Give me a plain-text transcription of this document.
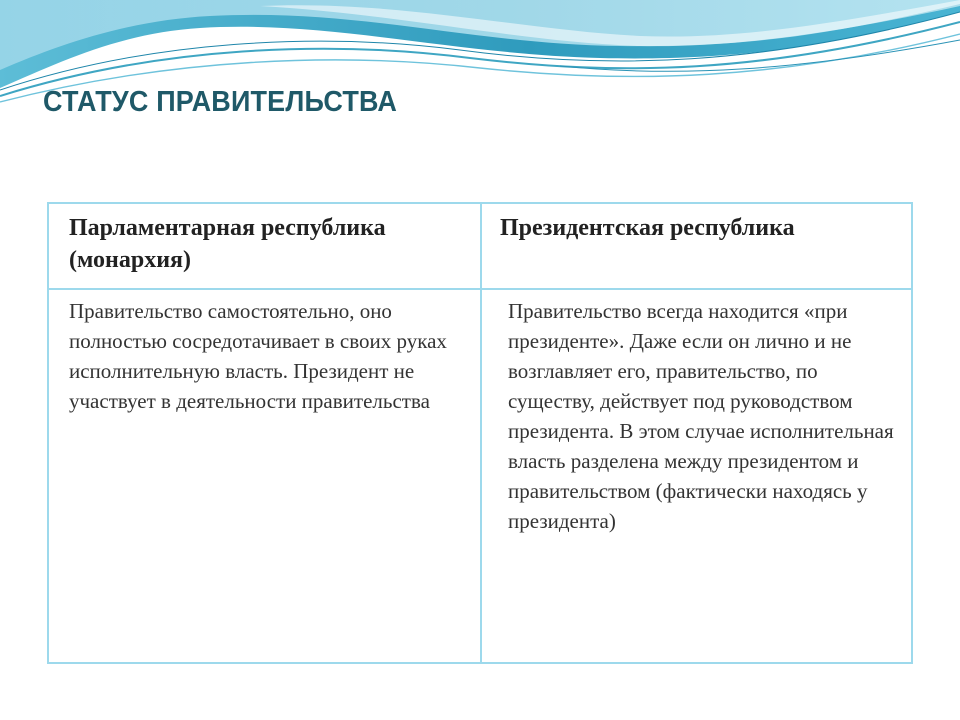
СТАТУС ПРАВИТЕЛЬСТВА
Парламентарная республика (монархия)
Президентская республика
Правительство самостоятельно, оно полностью сосредотачивает в своих руках исполнительную власть. Президент не участвует в деятельности правительства
Правительство всегда находится «при президенте». Даже если он лично и не возглавляет его, правительство, по существу, действует под руководством президента. В этом случае исполнительная власть разделена между президентом и правительством (фактически находясь у президента)
